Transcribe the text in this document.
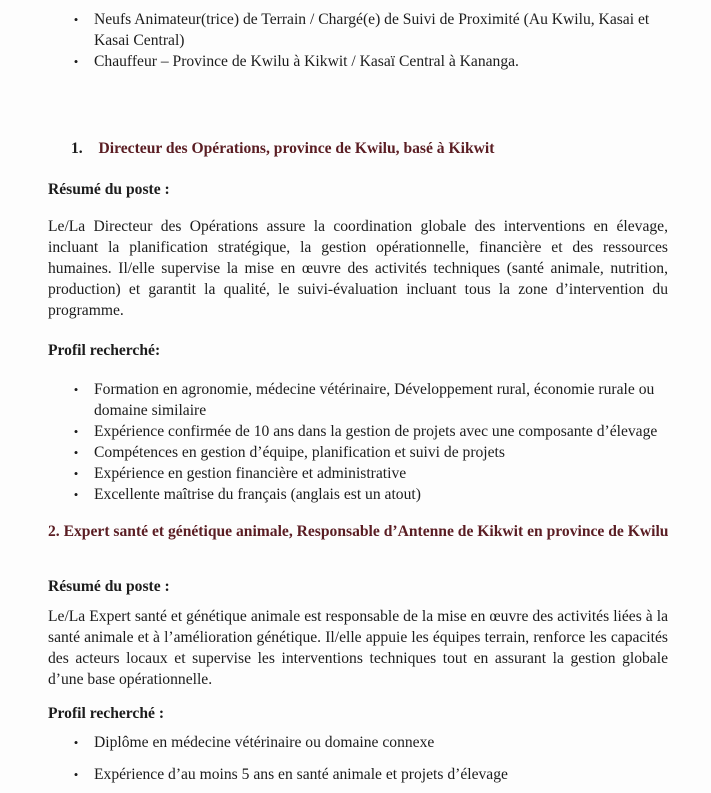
• Neufs Animateur(trice) de Terrain / Chargé(e) de Suivi de Proximité (Au Kwilu, Kasai et Kasai Central)
• Chauffeur – Province de Kwilu à Kikwit / Kasaï Central à Kananga.
1. Directeur des Opérations, province de Kwilu, basé à Kikwit
Résumé du poste :
Le/La Directeur des Opérations assure la coordination globale des interventions en élevage, incluant la planification stratégique, la gestion opérationnelle, financière et des ressources humaines. Il/elle supervise la mise en œuvre des activités techniques (santé animale, nutrition, production) et garantit la qualité, le suivi-évaluation incluant tous la zone d’intervention du programme.
Profil recherché:
• Formation en agronomie, médecine vétérinaire, Développement rural, économie rurale ou domaine similaire
• Expérience confirmée de 10 ans dans la gestion de projets avec une composante d’élevage
• Compétences en gestion d’équipe, planification et suivi de projets
• Expérience en gestion financière et administrative
• Excellente maîtrise du français (anglais est un atout)
2. Expert santé et génétique animale, Responsable d’Antenne de Kikwit en province de Kwilu
Résumé du poste :
Le/La Expert santé et génétique animale est responsable de la mise en œuvre des activités liées à la santé animale et à l’amélioration génétique. Il/elle appuie les équipes terrain, renforce les capacités des acteurs locaux et supervise les interventions techniques tout en assurant la gestion globale d’une base opérationnelle.
Profil recherché :
• Diplôme en médecine vétérinaire ou domaine connexe
• Expérience d’au moins 5 ans en santé animale et projets d’élevage
